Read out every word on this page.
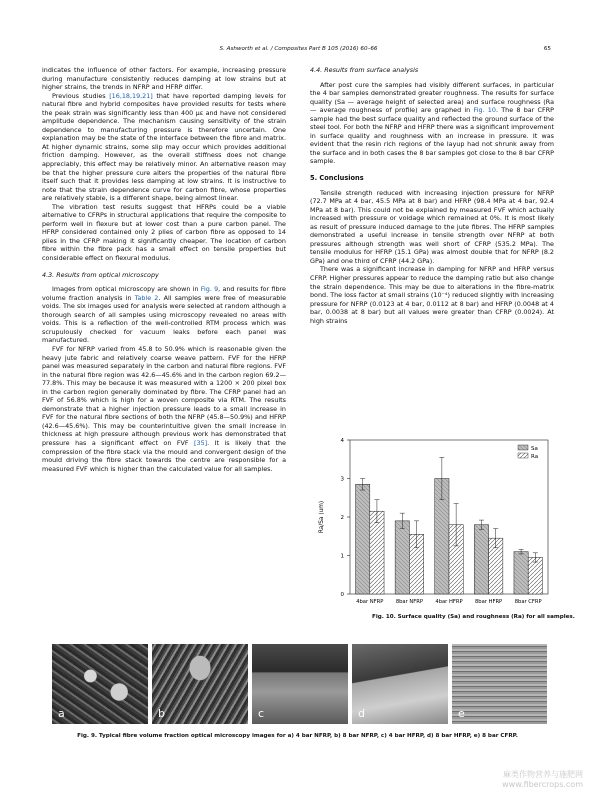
S. Ashworth et al. / Composites Part B 105 (2016) 60–66	65

indicates the influence of other factors. For example, increasing pressure during manufacture consistently reduces damping at low strains but at higher strains, the trends in NFRP and HFRP differ.

Previous studies [16,18,19,21] that have reported damping levels for natural fibre and hybrid composites have provided results for tests where the peak strain was significantly less than 400 µε and have not considered amplitude dependence. The mechanism causing sensitivity of the strain dependence to manufacturing pressure is therefore uncertain. One explanation may be the state of the interface between the fibre and matrix. At higher dynamic strains, some slip may occur which provides additional friction damping. However, as the overall stiffness does not change appreciably, this effect may be relatively minor. An alternative reason may be that the higher pressure cure alters the properties of the natural fibre itself such that it provides less damping at low strains. It is instructive to note that the strain dependence curve for carbon fibre, whose properties are relatively stable, is a different shape, being almost linear.

The vibration test results suggest that HFRPs could be a viable alternative to CFRPs in structural applications that require the composite to perform well in flexure but at lower cost than a pure carbon panel. The HFRP considered contained only 2 plies of carbon fibre as opposed to 14 plies in the CFRP making it significantly cheaper. The location of carbon fibre within the fibre pack has a small effect on tensile properties but considerable effect on flexural modulus.

4.3. Results from optical microscopy

Images from optical microscopy are shown in Fig. 9, and results for fibre volume fraction analysis in Table 2. All samples were free of measurable voids. The six images used for analysis were selected at random although a thorough search of all samples using microscopy revealed no areas with voids. This is a reflection of the well-controlled RTM process which was scrupulously checked for vacuum leaks before each panel was manufactured.

FVF for NFRP varied from 45.8 to 50.9% which is reasonable given the heavy jute fabric and relatively coarse weave pattern. FVF for the HFRP panel was measured separately in the carbon and natural fibre regions. FVF in the natural fibre region was 42.6—45.6% and in the carbon region 69.2—77.8%. This may be because it was measured with a 1200 × 200 pixel box in the carbon region generally dominated by fibre. The CFRP panel had an FVF of 56.8% which is high for a woven composite via RTM. The results demonstrate that a higher injection pressure leads to a small increase in FVF for the natural fibre sections of both the NFRP (45.8—50.9%) and HFRP (42.6—45.6%). This may be counterintuitive given the small increase in thickness at high pressure although previous work has demonstrated that pressure has a significant effect on FVF [35]. It is likely that the compression of the fibre stack via the mould and convergent design of the mould driving the fibre stack towards the centre are responsible for a measured FVF which is higher than the calculated value for all samples.

4.4. Results from surface analysis

After post cure the samples had visibly different surfaces, in particular the 4 bar samples demonstrated greater roughness. The results for surface quality (Sa — average height of selected area) and surface roughness (Ra — average roughness of profile) are graphed in Fig. 10. The 8 bar CFRP sample had the best surface quality and reflected the ground surface of the steel tool. For both the NFRP and HFRP there was a significant improvement in surface quality and roughness with an increase in pressure. It was evident that the resin rich regions of the layup had not shrunk away from the surface and in both cases the 8 bar samples got close to the 8 bar CFRP sample.

5. Conclusions

Tensile strength reduced with increasing injection pressure for NFRP (72.7 MPa at 4 bar, 45.5 MPa at 8 bar) and HFRP (98.4 MPa at 4 bar, 92.4 MPa at 8 bar). This could not be explained by measured FVF which actually increased with pressure or voidage which remained at 0%. It is most likely as result of pressure induced damage to the jute fibres. The HFRP samples demonstrated a useful increase in tensile strength over NFRP at both pressures although strength was well short of CFRP (535.2 MPa). The tensile modulus for HFRP (15.1 GPa) was almost double that for NFRP (8.2 GPa) and one third of CFRP (44.2 GPa).

There was a significant increase in damping for NFRP and HFRP versus CFRP. Higher pressures appear to reduce the damping ratio but also change the strain dependence. This may be due to alterations in the fibre-matrix bond. The loss factor at small strains (10⁻⁴) reduced slightly with increasing pressure for NFRP (0.0123 at 4 bar, 0.0112 at 8 bar) and HFRP (0.0048 at 4 bar, 0.0038 at 8 bar) but all values were greater than CFRP (0.0024). At high strains

0
1
2
3
4
Ra/Sa (um)
4bar NFRP 8bar NFRP 4bar HFRP 8bar HFRP 8bar CFRP
Sa
Ra
Fig. 10. Surface quality (Sa) and roughness (Ra) for all samples.
a	b	c	d	e
Fig. 9. Typical fibre volume fraction optical microscopy images for a) 4 bar NFRP, b) 8 bar NFRP, c) 4 bar HFRP, d) 8 bar HFRP, e) 8 bar CFRP.
麻类作物营养与施肥网
www.fibercrops.com
